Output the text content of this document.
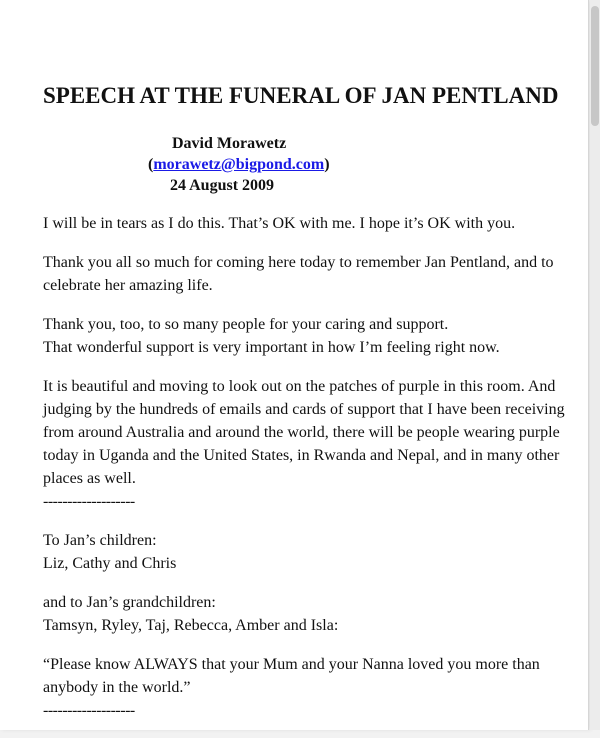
SPEECH AT THE FUNERAL OF JAN PENTLAND
David Morawetz
(morawetz@bigpond.com)
24 August 2009

I will be in tears as I do this. That’s OK with me. I hope it’s OK with you.

Thank you all so much for coming here today to remember Jan Pentland, and to celebrate her amazing life.

Thank you, too, to so many people for your caring and support.

That wonderful support is very important in how I’m feeling right now.

It is beautiful and moving to look out on the patches of purple in this room. And judging by the hundreds of emails and cards of support that I have been receiving from around Australia and around the world, there will be people wearing purple today in Uganda and the United States, in Rwanda and Nepal, and in many other places as well.

-------------------

To Jan’s children:

Liz, Cathy and Chris

and to Jan’s grandchildren:

Tamsyn, Ryley, Taj, Rebecca, Amber and Isla:

“Please know ALWAYS that your Mum and your Nanna loved you more than anybody in the world.”

-------------------
